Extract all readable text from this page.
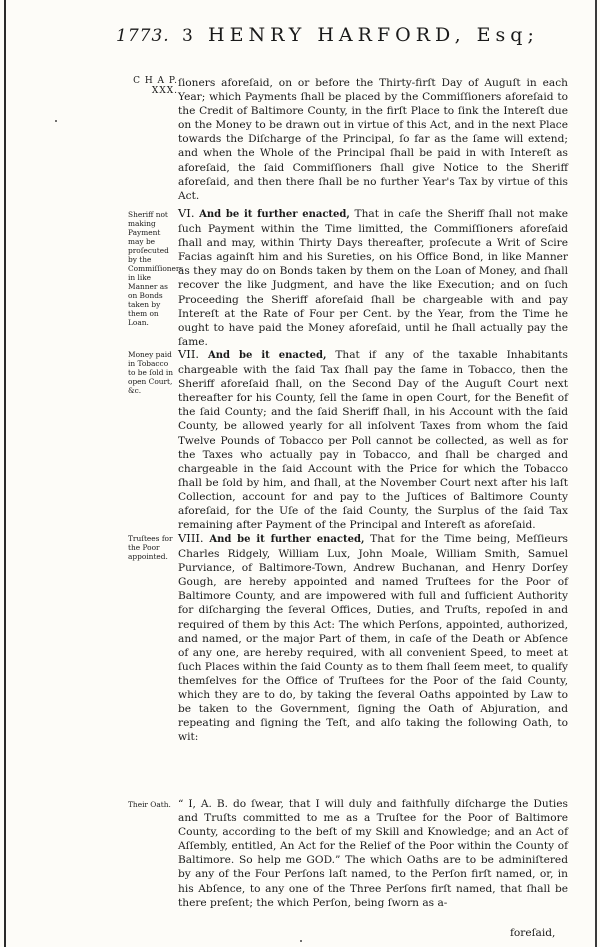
1773. 3 HENRY HARFORD, Esq;
C H A P.
XXX.

ſioners aforeſaid, on or before the Thirty-firſt Day of Auguſt in each Year; which Payments ſhall be placed by the Commiſſioners aforeſaid to the Credit of Baltimore County, in the firſt Place to ſink the Intereſt due on the Money to be drawn out in virtue of this Act, and in the next Place towards the Diſcharge of the Principal, ſo far as the ſame will extend; and when the Whole of the Principal ſhall be paid in with Intereſt as aforeſaid, the ſaid Commiſſioners ſhall give Notice to the Sheriff aforeſaid, and then there ſhall be no further Year's Tax by virtue of this Act.

Sheriff not making Payment may be proſecuted by the Commiſſioners in like Manner as on Bonds taken by them on Loan.

VI. And be it further enacted, That in caſe the Sheriff ſhall not make ſuch Payment within the Time limitted, the Commiſſioners aforeſaid ſhall and may, within Thirty Days thereafter, proſecute a Writ of Scire Facias againſt him and his Sureties, on his Office Bond, in like Manner as they may do on Bonds taken by them on the Loan of Money, and ſhall recover the like Judgment, and have the like Execution; and on ſuch Proceeding the Sheriff aforeſaid ſhall be chargeable with and pay Intereſt at the Rate of Four per Cent. by the Year, from the Time he ought to have paid the Money aforeſaid, until he ſhall actually pay the ſame.

Money paid in Tobacco to be ſold in open Court, &c.

VII. And be it enacted, That if any of the taxable Inhabitants chargeable with the ſaid Tax ſhall pay the ſame in Tobacco, then the Sheriff aforeſaid ſhall, on the Second Day of the Auguſt Court next thereafter for his County, ſell the ſame in open Court, for the Benefit of the ſaid County; and the ſaid Sheriff ſhall, in his Account with the ſaid County, be allowed yearly for all inſolvent Taxes from whom the ſaid Twelve Pounds of Tobacco per Poll cannot be collected, as well as for the Taxes who actually pay in Tobacco, and ſhall be charged and chargeable in the ſaid Account with the Price for which the Tobacco ſhall be ſold by him, and ſhall, at the November Court next after his laſt Collection, account for and pay to the Juſtices of Baltimore County aforeſaid, for the Uſe of the ſaid County, the Surplus of the ſaid Tax remaining after Payment of the Principal and Intereſt as aforeſaid.

Truſtees for the Poor appointed.

VIII. And be it further enacted, That for the Time being, Meſſieurs Charles Ridgely, William Lux, John Moale, William Smith, Samuel Purviance, of Baltimore-Town, Andrew Buchanan, and Henry Dorſey Gough, are hereby appointed and named Truſtees for the Poor of Baltimore County, and are impowered with full and ſufficient Authority for diſcharging the ſeveral Offices, Duties, and Truſts, repoſed in and required of them by this Act: The which Perſons, appointed, authorized, and named, or the major Part of them, in caſe of the Death or Abſence of any one, are hereby required, with all convenient Speed, to meet at ſuch Places within the ſaid County as to them ſhall ſeem meet, to qualify themſelves for the Office of Truſtees for the Poor of the ſaid County, which they are to do, by taking the ſeveral Oaths appointed by Law to be taken to the Government, ſigning the Oath of Abjuration, and repeating and ſigning the Teſt, and alſo taking the following Oath, to wit:

Their Oath. “ I, A. B. do ſwear, that I will duly and faithfully diſcharge the Duties and Truſts committed to me as a Truſtee for the Poor of Baltimore County, according to the beſt of my Skill and Knowledge; and an Act of Aſſembly, entitled, An Act for the Relief of the Poor within the County of Baltimore. So help me GOD.” The which Oaths are to be adminiſtered by any of the Four Perſons laſt named, to the Perſon firſt named, or, in his Abſence, to any one of the Three Perſons firſt named, that ſhall be there preſent; the which Perſon, being ſworn as a-

foreſaid,
